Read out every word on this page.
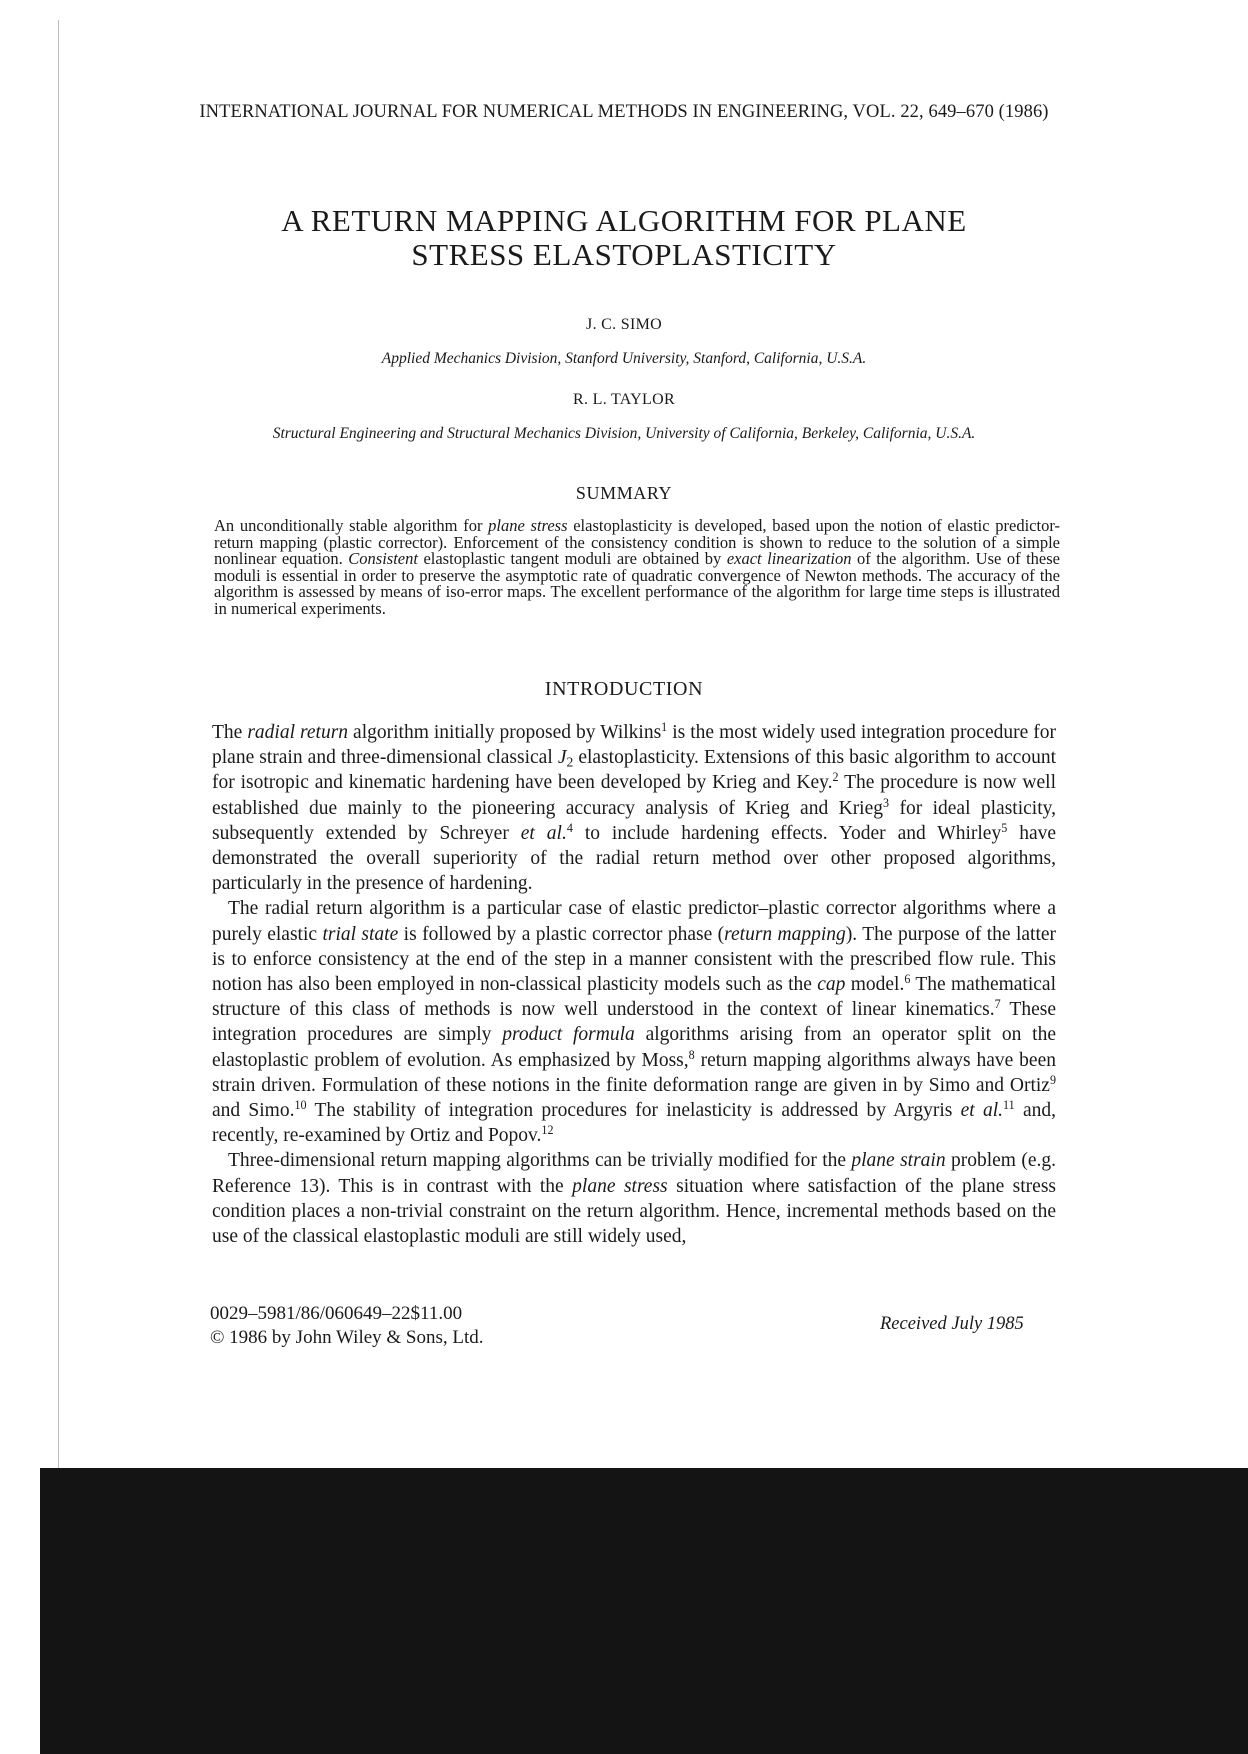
INTERNATIONAL JOURNAL FOR NUMERICAL METHODS IN ENGINEERING, VOL. 22, 649–670 (1986)
A RETURN MAPPING ALGORITHM FOR PLANE
STRESS ELASTOPLASTICITY
J. C. SIMO
Applied Mechanics Division, Stanford University, Stanford, California, U.S.A.
R. L. TAYLOR
Structural Engineering and Structural Mechanics Division, University of California, Berkeley, California, U.S.A.
SUMMARY
An unconditionally stable algorithm for plane stress elastoplasticity is developed, based upon the notion of elastic predictor-return mapping (plastic corrector). Enforcement of the consistency condition is shown to reduce to the solution of a simple nonlinear equation. Consistent elastoplastic tangent moduli are obtained by exact linearization of the algorithm. Use of these moduli is essential in order to preserve the asymptotic rate of quadratic convergence of Newton methods. The accuracy of the algorithm is assessed by means of iso-error maps. The excellent performance of the algorithm for large time steps is illustrated in numerical experiments.
INTRODUCTION

The radial return algorithm initially proposed by Wilkins$^1$ is the most widely used integration procedure for plane strain and three-dimensional classical $J_2$ elastoplasticity. Extensions of this basic algorithm to account for isotropic and kinematic hardening have been developed by Krieg and Key.$^2$ The procedure is now well established due mainly to the pioneering accuracy analysis of Krieg and Krieg$^3$ for ideal plasticity, subsequently extended by Schreyer et al.$^4$ to include hardening effects. Yoder and Whirley$^5$ have demonstrated the overall superiority of the radial return method over other proposed algorithms, particularly in the presence of hardening.

The radial return algorithm is a particular case of elastic predictor–plastic corrector algorithms where a purely elastic trial state is followed by a plastic corrector phase (return mapping). The purpose of the latter is to enforce consistency at the end of the step in a manner consistent with the prescribed flow rule. This notion has also been employed in non-classical plasticity models such as the cap model.$^6$ The mathematical structure of this class of methods is now well understood in the context of linear kinematics.$^7$ These integration procedures are simply product formula algorithms arising from an operator split on the elastoplastic problem of evolution. As emphasized by Moss,$^8$ return mapping algorithms always have been strain driven. Formulation of these notions in the finite deformation range are given in by Simo and Ortiz$^9$ and Simo.$^{10}$ The stability of integration procedures for inelasticity is addressed by Argyris et al.$^{11}$ and, recently, re-examined by Ortiz and Popov.$^{12}$

Three-dimensional return mapping algorithms can be trivially modified for the plane strain problem (e.g. Reference 13). This is in contrast with the plane stress situation where satisfaction of the plane stress condition places a non-trivial constraint on the return algorithm. Hence, incremental methods based on the use of the classical elastoplastic moduli are still widely used,

0029–5981/86/060649–22$11.00
© 1986 by John Wiley & Sons, Ltd.
Received July 1985
